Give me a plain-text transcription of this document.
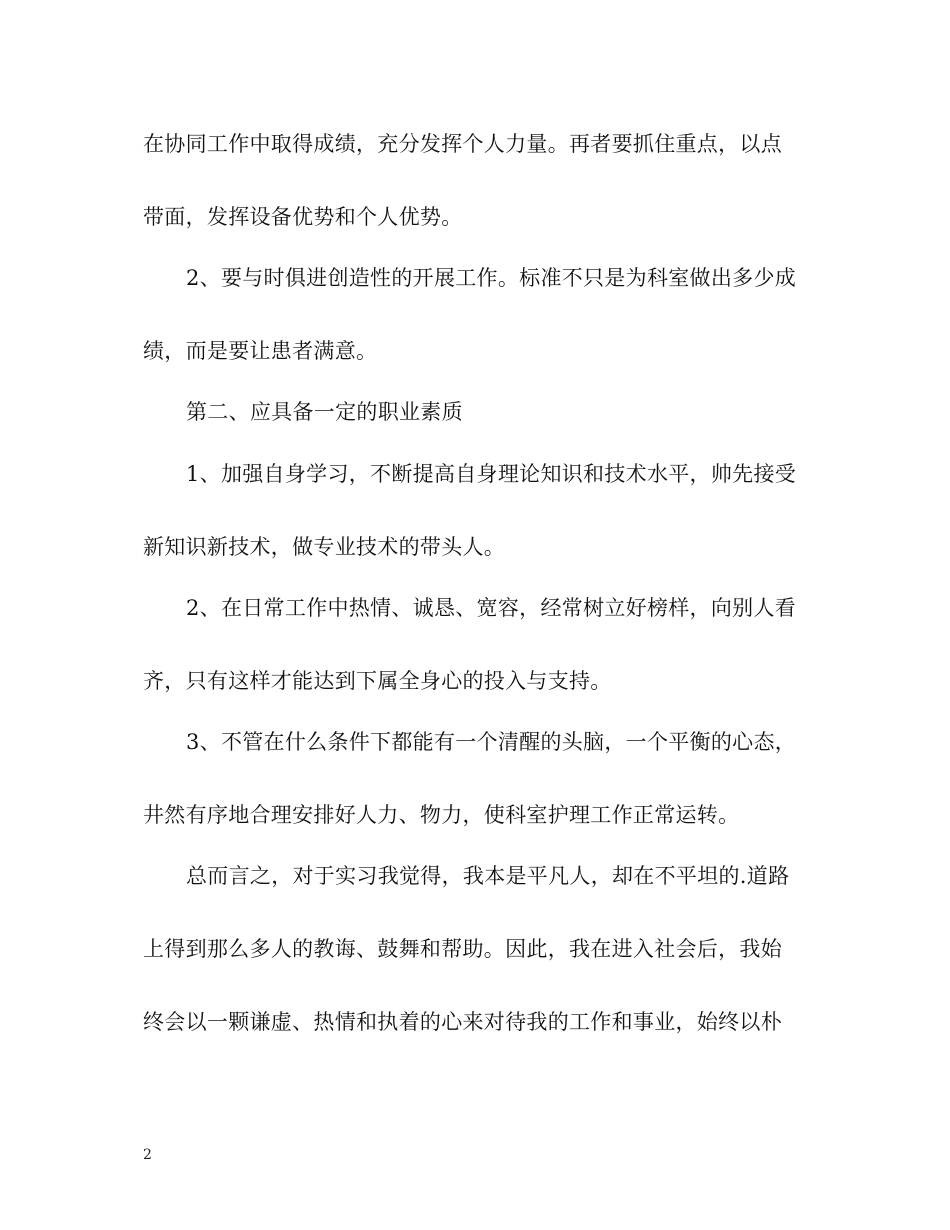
在协同工作中取得成绩，充分发挥个人力量。再者要抓住重点，以点
带面，发挥设备优势和个人优势。
2、要与时俱进创造性的开展工作。标准不只是为科室做出多少成
绩，而是要让患者满意。
第二、应具备一定的职业素质
1、加强自身学习，不断提高自身理论知识和技术水平，帅先接受
新知识新技术，做专业技术的带头人。
2、在日常工作中热情、诚恳、宽容，经常树立好榜样，向别人看
齐，只有这样才能达到下属全身心的投入与支持。
3、不管在什么条件下都能有一个清醒的头脑，一个平衡的心态，
井然有序地合理安排好人力、物力，使科室护理工作正常运转。
总而言之，对于实习我觉得，我本是平凡人，却在不平坦的.道路
上得到那么多人的教诲、鼓舞和帮助。因此，我在进入社会后，我始
终会以一颗谦虚、热情和执着的心来对待我的工作和事业，始终以朴
2
